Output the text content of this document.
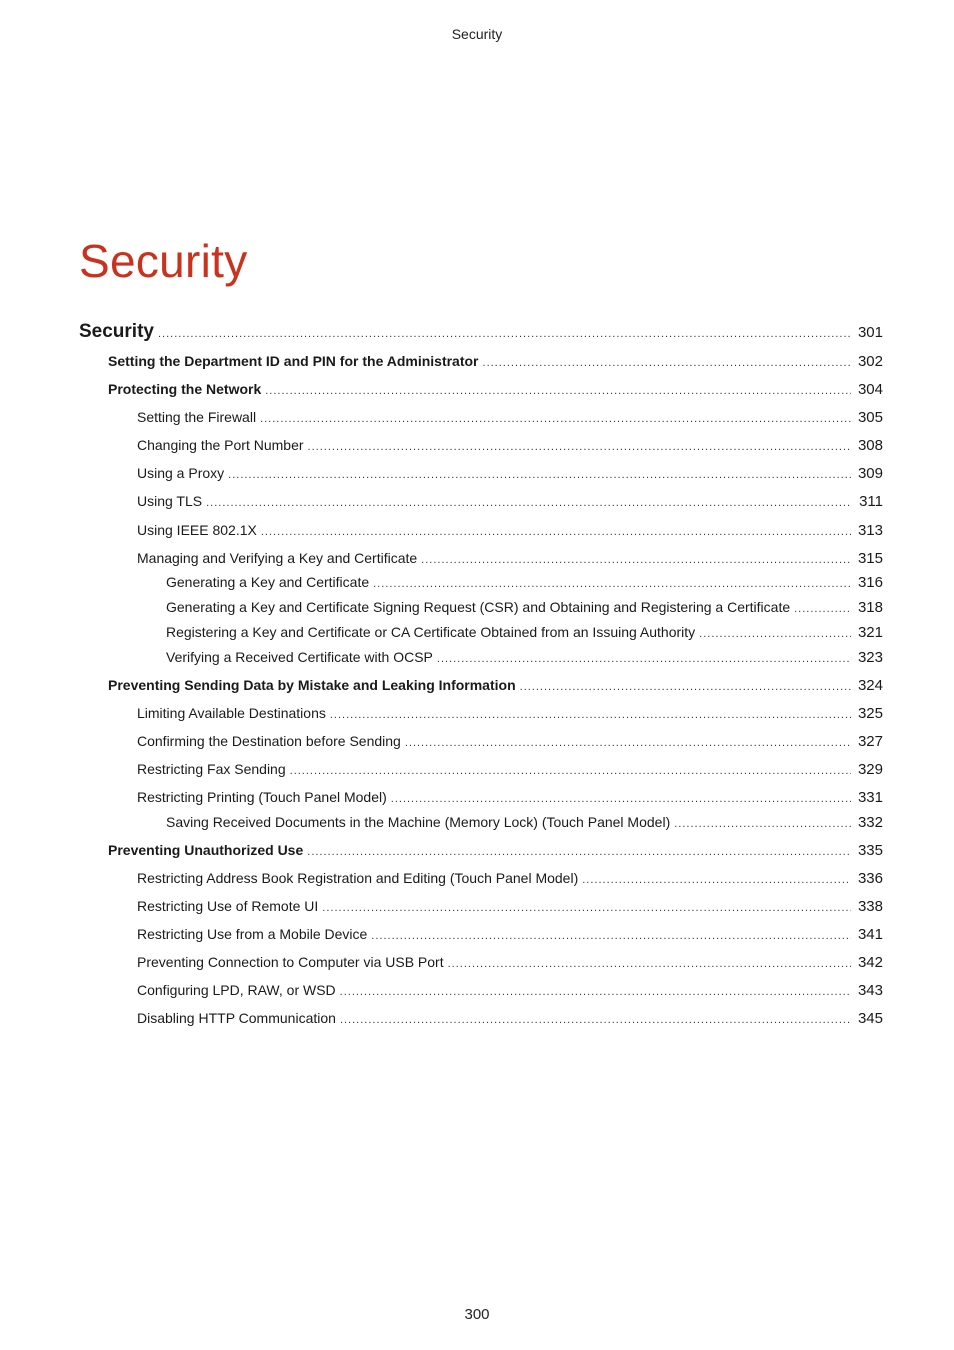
Security
Security
Security .....	301
Setting the Department ID and PIN for the Administrator .....	302
Protecting the Network .....	304
Setting the Firewall .....	305
Changing the Port Number .....	308
Using a Proxy .....	309
Using TLS .....	311
Using IEEE 802.1X .....	313
Managing and Verifying a Key and Certificate .....	315
Generating a Key and Certificate .....	316
Generating a Key and Certificate Signing Request (CSR) and Obtaining and Registering a Certificate .....	318
Registering a Key and Certificate or CA Certificate Obtained from an Issuing Authority .....	321
Verifying a Received Certificate with OCSP .....	323
Preventing Sending Data by Mistake and Leaking Information .....	324
Limiting Available Destinations .....	325
Confirming the Destination before Sending .....	327
Restricting Fax Sending .....	329
Restricting Printing (Touch Panel Model) .....	331
Saving Received Documents in the Machine (Memory Lock) (Touch Panel Model) .....	332
Preventing Unauthorized Use .....	335
Restricting Address Book Registration and Editing (Touch Panel Model) .....	336
Restricting Use of Remote UI .....	338
Restricting Use from a Mobile Device .....	341
Preventing Connection to Computer via USB Port .....	342
Configuring LPD, RAW, or WSD .....	343
Disabling HTTP Communication .....	345
300
